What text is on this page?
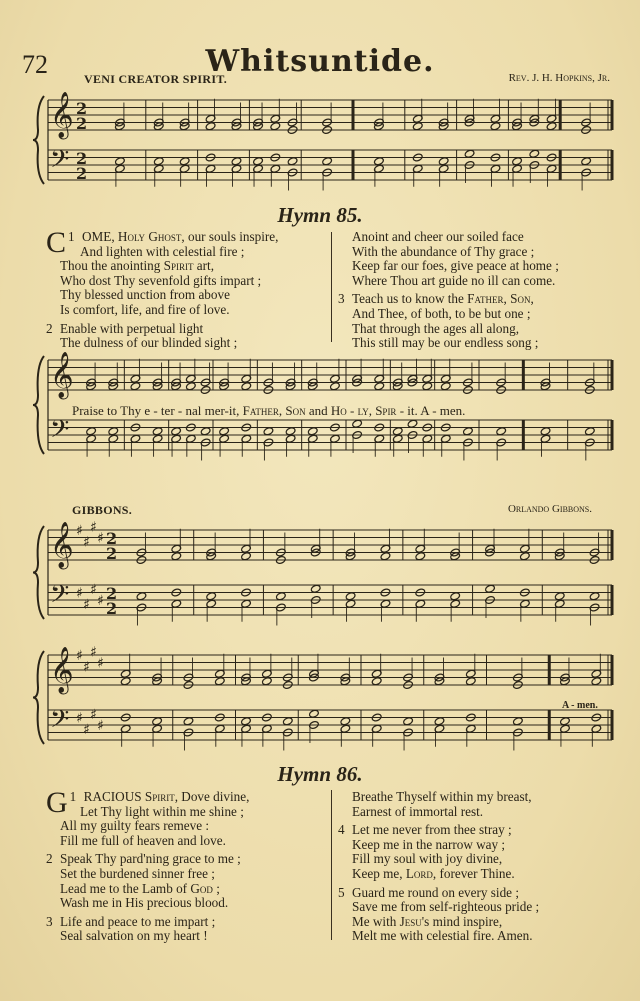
72	Whitsuntide.
VENI CREATOR SPIRIT.	Rev. J. H. Hopkins, Jr.
𝄞
𝄢
2
2
2
2
𝄞
𝄢
𝄞
𝄢
♯
♯
♯
♯
♯
♯
♯
♯
2
2
2
2
𝄞
𝄢
♯
♯
♯
♯
♯
♯
♯
♯
Hymn 85.
1
C OME, Holy Ghost, our souls inspire,
And lighten with celestial fire ;
Thou the anointing Spirit art,
Who dost Thy sevenfold gifts impart ;
Thy blessed unction from above
Is comfort, life, and fire of love.
2 Enable with perpetual light
The dulness of our blinded sight ;
Anoint and cheer our soiled face
With the abundance of Thy grace ;
Keep far our foes, give peace at home ;
Where Thou art guide no ill can come.
3 Teach us to know the Father, Son,
And Thee, of both, to be but one ;
That through the ages all along,
This still may be our endless song ;
Praise to Thy e - ter - nal mer-it, Father, Son and Ho - ly, Spir - it. A - men.
GIBBONS.	Orlando Gibbons.
A - men.
Hymn 86.
1
G RACIOUS Spirit, Dove divine,
Let Thy light within me shine ;
All my guilty fears remeve :
Fill me full of heaven and love.
2 Speak Thy pard'ning grace to me ;
Set the burdened sinner free ;
Lead me to the Lamb of God ;
Wash me in His precious blood.
3 Life and peace to me impart ;
Seal salvation on my heart !
Breathe Thyself within my breast,
Earnest of immortal rest.
4 Let me never from thee stray ;
Keep me in the narrow way ;
Fill my soul with joy divine,
Keep me, Lord, forever Thine.
5 Guard me round on every side ;
Save me from self-righteous pride ;
Me with Jesu's mind inspire,
Melt me with celestial fire. Amen.
